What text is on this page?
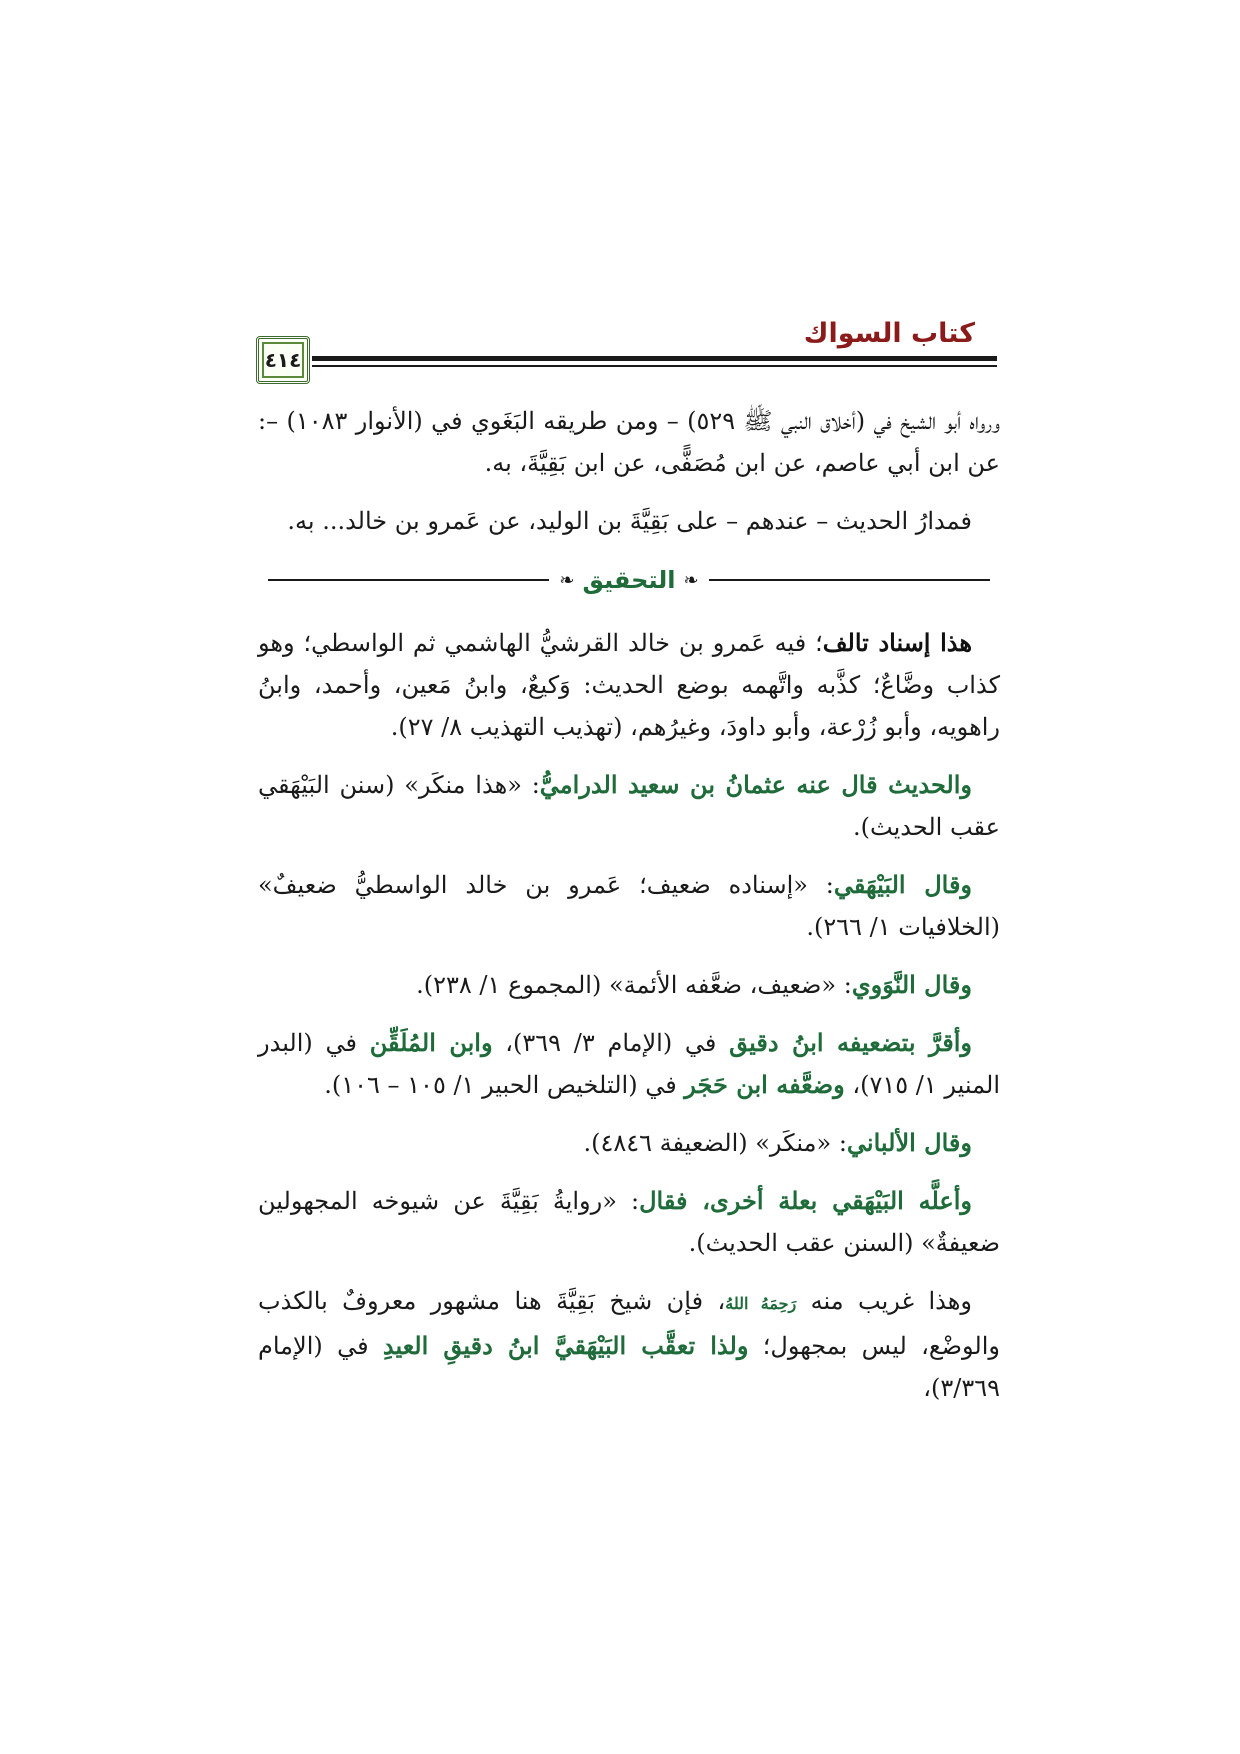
كتاب السواك
٤١٤

ورواه أبو الشيخ في (أخلاق النبي ﷺ ٥٢٩) – ومن طريقه البَغَوي في (الأنوار ١٠٨٣) –: عن ابن أبي عاصم، عن ابن مُصَفًّى، عن ابن بَقِيَّةَ، به.

فمدارُ الحديث – عندهم – على بَقِيَّةَ بن الوليد، عن عَمرو بن خالد... به.

❧
التحقيق
❧

هذا إسناد تالف؛ فيه عَمرو بن خالد القرشيُّ الهاشمي ثم الواسطي؛ وهو كذاب وضَّاعٌ؛ كذَّبه واتَّهمه بوضع الحديث: وَكيعٌ، وابنُ مَعين، وأحمد، وابنُ راهويه، وأبو زُرْعة، وأبو داودَ، وغيرُهم، (تهذيب التهذيب ٨/ ٢٧).

والحديث قال عنه عثمانُ بن سعيد الدراميُّ: «هذا منكَر» (سنن البَيْهَقي عقب الحديث).

وقال البَيْهَقي: «إسناده ضعيف؛ عَمرو بن خالد الواسطيُّ ضعيفٌ» (الخلافيات ١/ ٢٦٦).

وقال النَّوَوي: «ضعيف، ضعَّفه الأئمة» (المجموع ١/ ٢٣٨).

وأقرَّ بتضعيفه ابنُ دقيق في (الإمام ٣/ ٣٦٩)، وابن المُلَقِّن في (البدر المنير ١/ ٧١٥)، وضعَّفه ابن حَجَر في (التلخيص الحبير ١/ ١٠٥ – ١٠٦).

وقال الألباني: «منكَر» (الضعيفة ٤٨٤٦).

وأعلَّه البَيْهَقي بعلة أخرى، فقال: «روايةُ بَقِيَّةَ عن شيوخه المجهولين ضعيفةٌ» (السنن عقب الحديث).

وهذا غريب منه رَحِمَهُ اللهُ، فإن شيخ بَقِيَّةَ هنا مشهور معروفٌ بالكذب والوضْع، ليس بمجهول؛ ولذا تعقَّب البَيْهَقيَّ ابنُ دقيقِ العيدِ في (الإمام ٣/٣٦٩)،
